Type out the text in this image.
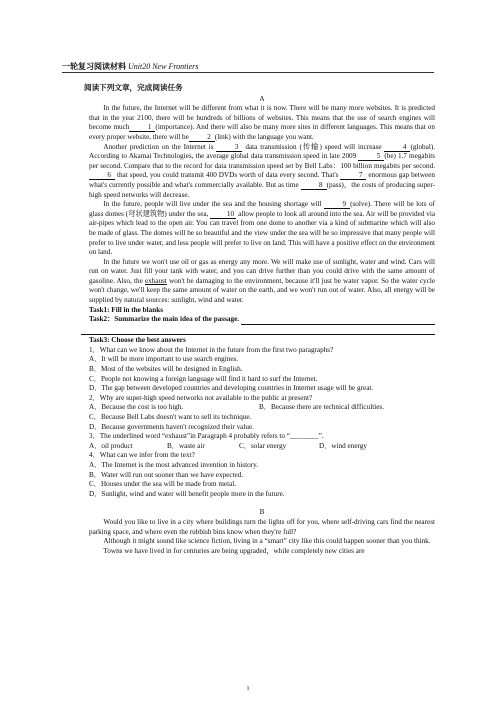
一轮复习阅读材料 Unit20 New Frontiers
阅读下列文章，完成阅读任务
A

In the future, the Internet will be different from what it is now. There will be many more websites. It is predicted that in the year 2100, there will be hundreds of billions of websites. This means that the use of search engines will become much	1 (importance). And there will also be many more sites in different languages. This means that on every proper website, there will be	2 (link) with the language you want.

Another prediction on the Internet is	3 data transmission (传输) speed will increase	4 (global). According to Akamai Technologies, the average global data transmission speed in late 2009	5 (be) 1.7 megabits per second. Compare that to the record for data transmission speed set by Bell Labs：100 billion megabits per second. 6 that speed, you could transmit 400 DVDs worth of data every second. That's	7 enormous gap between what's currently possible and what's commercially available. But as time	8 (pass)，the costs of producing super-high speed networks will decrease.

In the future, people will live under the sea and the housing shortage will	9 (solve). There will be lots of glass domes (穹状建筑物) under the sea,	10 allow people to look all around into the sea. Air will be provided via air-pipes which lead to the open air. You can travel from one dome to another via a kind of submarine which will also be made of glass. The domes will be so beautiful and the view under the sea will be so impressive that many people will prefer to live under water, and less people will prefer to live on land. This will have a positive effect on the environment on land.

In the future we won't use oil or gas as energy any more. We will make use of sunlight, water and wind. Cars will run on water. Just fill your tank with water, and you can drive further than you could drive with the same amount of gasoline. Also, the exhaust won't be damaging to the environment, because it'll just be water vapor. So the water cycle won't change, we'll keep the same amount of water on the earth, and we won't run out of water. Also, all energy will be supplied by natural sources: sunlight, wind and water.

Task1: Fill in the blanks
Task2：Summarize the main idea of the passage.
Task3: Choose the best answers

1．What can we know about the Internet in the future from the first two paragraphs?

A．It will be more important to use search engines.

B．Most of the websites will be designed in English.

C．People not knowing a foreign language will find it hard to surf the Internet.

D．The gap between developed countries and developing countries in Internet usage will be great.

2．Why are super-high speed networks not available to the public at present?

A．Because the cost is too high.	B．Because there are technical difficulties.

C．Because Bell Labs doesn't want to sell its technique.

D．Because governments haven't recognized their value.

3．The underlined word “exhaust”in Paragraph 4 probably refers to “________”.

A．oil product	B．waste air	C．solar energy	D．wind energy

4．What can we infer from the text?

A．The Internet is the most advanced invention in history.

B．Water will run out sooner than we have expected.

C．Houses under the sea will be made from metal.

D．Sunlight, wind and water will benefit people more in the future.

B

Would you like to live in a city where buildings turn the lights off for you, where self-driving cars find the nearest parking space, and where even the rubbish bins know when they're full?

Although it might sound like science fiction, living in a “smart” city like this could happen sooner than you think.

Towns we have lived in for centuries are being upgraded，while completely new cities are

1
